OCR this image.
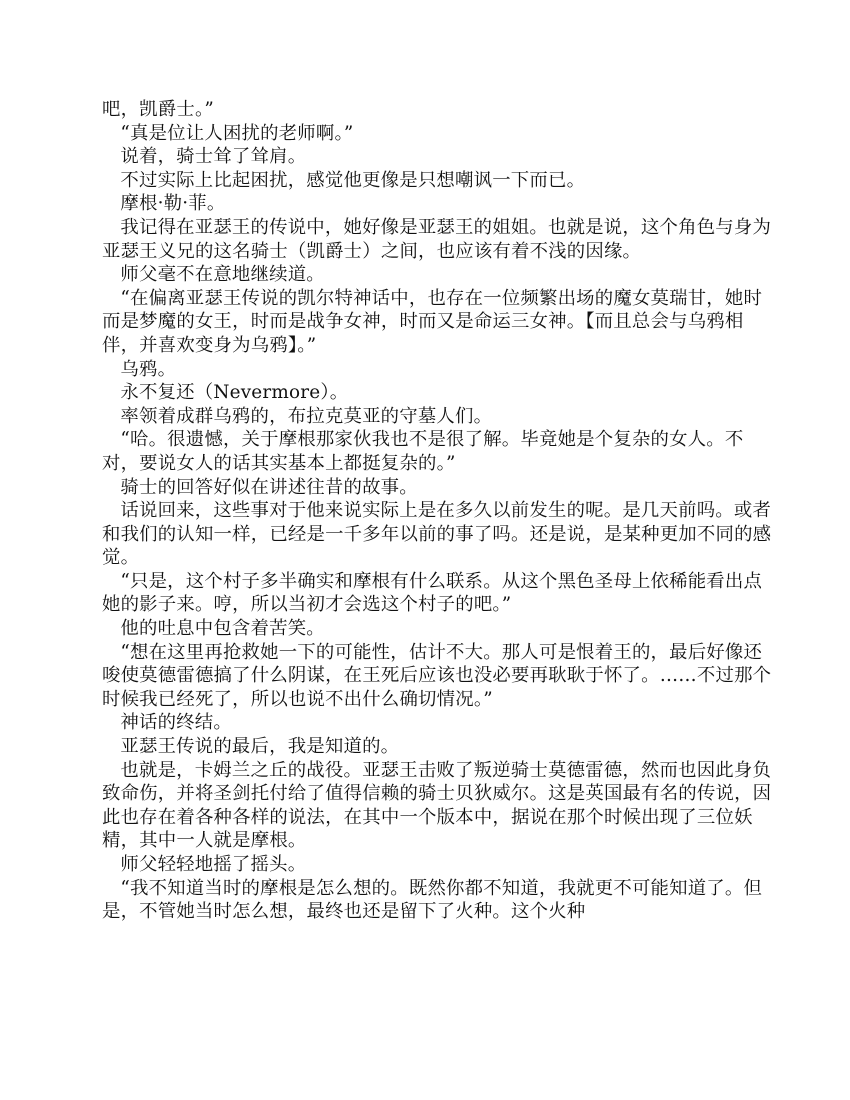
吧，凯爵士。”

“真是位让人困扰的老师啊。”

说着，骑士耸了耸肩。

不过实际上比起困扰，感觉他更像是只想嘲讽一下而已。

摩根·勒·菲。

我记得在亚瑟王的传说中，她好像是亚瑟王的姐姐。也就是说，这个角色与身为亚瑟王义兄的这名骑士（凯爵士）之间，也应该有着不浅的因缘。

师父毫不在意地继续道。

“在偏离亚瑟王传说的凯尔特神话中，也存在一位频繁出场的魔女莫瑞甘，她时而是梦魔的女王，时而是战争女神，时而又是命运三女神。【而且总会与乌鸦相伴，并喜欢变身为乌鸦】。”

乌鸦。

永不复还（Nevermore）。

率领着成群乌鸦的，布拉克莫亚的守墓人们。

“哈。很遗憾，关于摩根那家伙我也不是很了解。毕竟她是个复杂的女人。不对，要说女人的话其实基本上都挺复杂的。”

骑士的回答好似在讲述往昔的故事。

话说回来，这些事对于他来说实际上是在多久以前发生的呢。是几天前吗。或者和我们的认知一样，已经是一千多年以前的事了吗。还是说，是某种更加不同的感觉。

“只是，这个村子多半确实和摩根有什么联系。从这个黑色圣母上依稀能看出点她的影子来。哼，所以当初才会选这个村子的吧。”

他的吐息中包含着苦笑。

“想在这里再抢救她一下的可能性，估计不大。那人可是恨着王的，最后好像还唆使莫德雷德搞了什么阴谋，在王死后应该也没必要再耿耿于怀了。……不过那个时候我已经死了，所以也说不出什么确切情况。”

神话的终结。

亚瑟王传说的最后，我是知道的。

也就是，卡姆兰之丘的战役。亚瑟王击败了叛逆骑士莫德雷德，然而也因此身负致命伤，并将圣剑托付给了值得信赖的骑士贝狄威尔。这是英国最有名的传说，因此也存在着各种各样的说法，在其中一个版本中，据说在那个时候出现了三位妖精，其中一人就是摩根。

师父轻轻地摇了摇头。

“我不知道当时的摩根是怎么想的。既然你都不知道，我就更不可能知道了。但是，不管她当时怎么想，最终也还是留下了火种。这个火种
